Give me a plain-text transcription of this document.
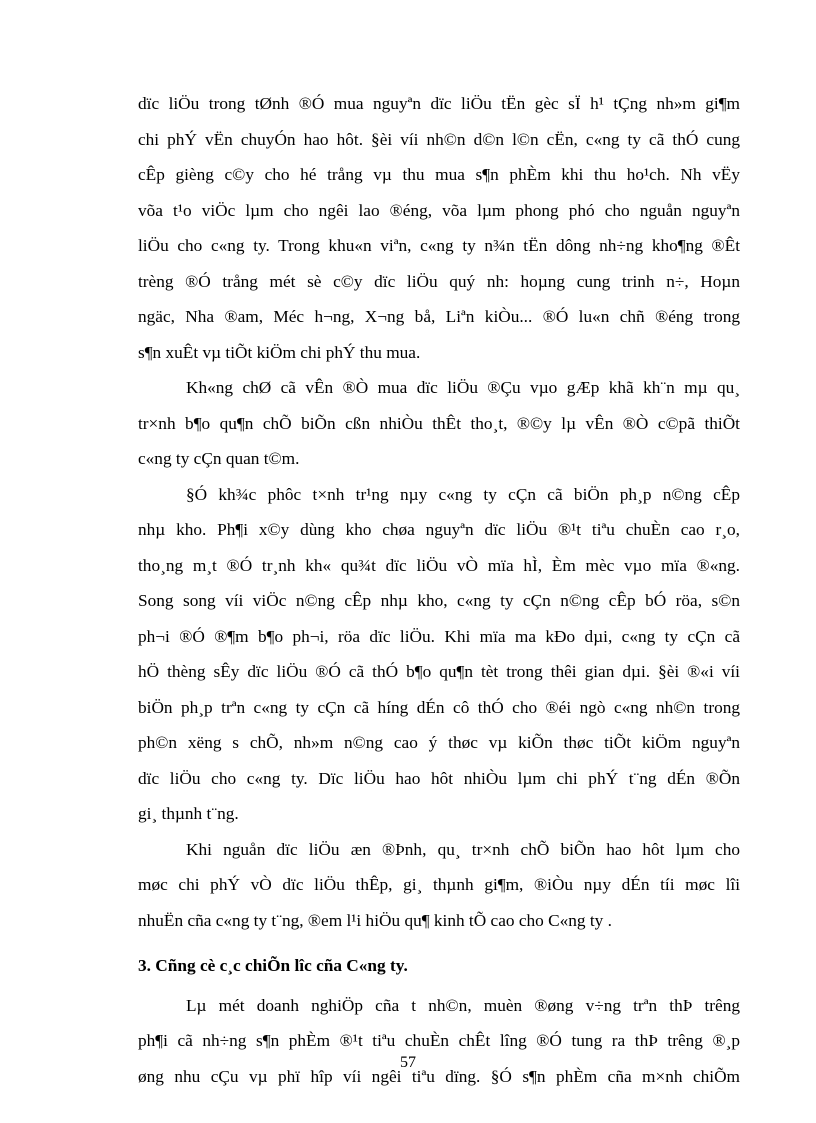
dïc liÖu trong tØnh ®Ó mua nguyªn dïc liÖu tËn gèc sÏ h¹ tÇng nh»m gi¶m
chi phÝ vËn chuyÓn hao hôt. §èi víi nh©n d©n l©n cËn, c«ng ty cã thÓ cung
cÊp gièng c©y cho hé trång vµ thu mua s¶n phÈm khi thu ho¹ch. Nh vËy
võa t¹o viÖc lµm cho ngêi lao ®éng, võa lµm phong phó cho nguån nguyªn
liÖu cho c«ng ty. Trong khu«n viªn, c«ng ty n¾n tËn dông nh÷ng kho¶ng ®Êt
trèng ®Ó trång mét sè c©y dïc liÖu quý nh: hoµng cung trinh n÷, Hoµn
ngäc, Nha ®am, Méc h¬ng, X¬ng bå, Liªn kiÒu... ®Ó lu«n chñ ®éng trong
s¶n xuÊt vµ tiÕt kiÖm chi phÝ thu mua.

Kh«ng chØ cã vÊn ®Ò mua dïc liÖu ®Çu vµo gÆp khã kh¨n mµ qu¸
tr×nh b¶o qu¶n chÕ biÕn cßn nhiÒu thÊt tho¸t, ®©y lµ vÊn ®Ò c©pã thiÕt
c«ng ty cÇn quan t©m.

§Ó kh¾c phôc t×nh tr¹ng nµy c«ng ty cÇn cã biÖn ph¸p n©ng cÊp
nhµ kho. Ph¶i x©y dùng kho chøa nguyªn dïc liÖu ®¹t tiªu chuÈn cao r¸o,
tho¸ng m¸t ®Ó tr¸nh kh« qu¾t dïc liÖu vÒ mïa hÌ, Èm mèc vµo mïa ®«ng.
Song song víi viÖc n©ng cÊp nhµ kho, c«ng ty cÇn n©ng cÊp bÓ röa, s©n
ph¬i ®Ó ®¶m b¶o ph¬i, röa dïc liÖu. Khi mïa ma kÐo dµi, c«ng ty cÇn cã
hÖ thèng sÊy dïc liÖu ®Ó cã thÓ b¶o qu¶n tèt trong thêi gian dµi. §èi ®«i víi
biÖn ph¸p trªn c«ng ty cÇn cã híng dÉn cô thÓ cho ®éi ngò c«ng nh©n trong
ph©n xëng s chÕ, nh»m n©ng cao ý thøc vµ kiÕn thøc tiÕt kiÖm nguyªn
dïc liÖu cho c«ng ty. Dïc liÖu hao hôt nhiÒu lµm chi phÝ t¨ng dÉn ®Õn
gi¸ thµnh t¨ng.

Khi nguån dïc liÖu æn ®Þnh, qu¸ tr×nh chÕ biÕn hao hôt lµm cho
møc chi phÝ vÒ dïc liÖu thÊp, gi¸ thµnh gi¶m, ®iÒu nµy dÉn tíi møc lîi
nhuËn cña c«ng ty t¨ng, ®em l¹i hiÖu qu¶ kinh tÕ cao cho C«ng ty .

3. Cñng cè c¸c chiÕn lîc cña C«ng ty.

Lµ mét doanh nghiÖp cña t nh©n, muèn ®øng v÷ng trªn thÞ trêng
ph¶i cã nh÷ng s¶n phÈm ®¹t tiªu chuÈn chÊt lîng ®Ó tung ra thÞ trêng ®¸p
øng nhu cÇu vµ phï hîp víi ngêi tiªu dïng. §Ó s¶n phÈm cña m×nh chiÕm

57
